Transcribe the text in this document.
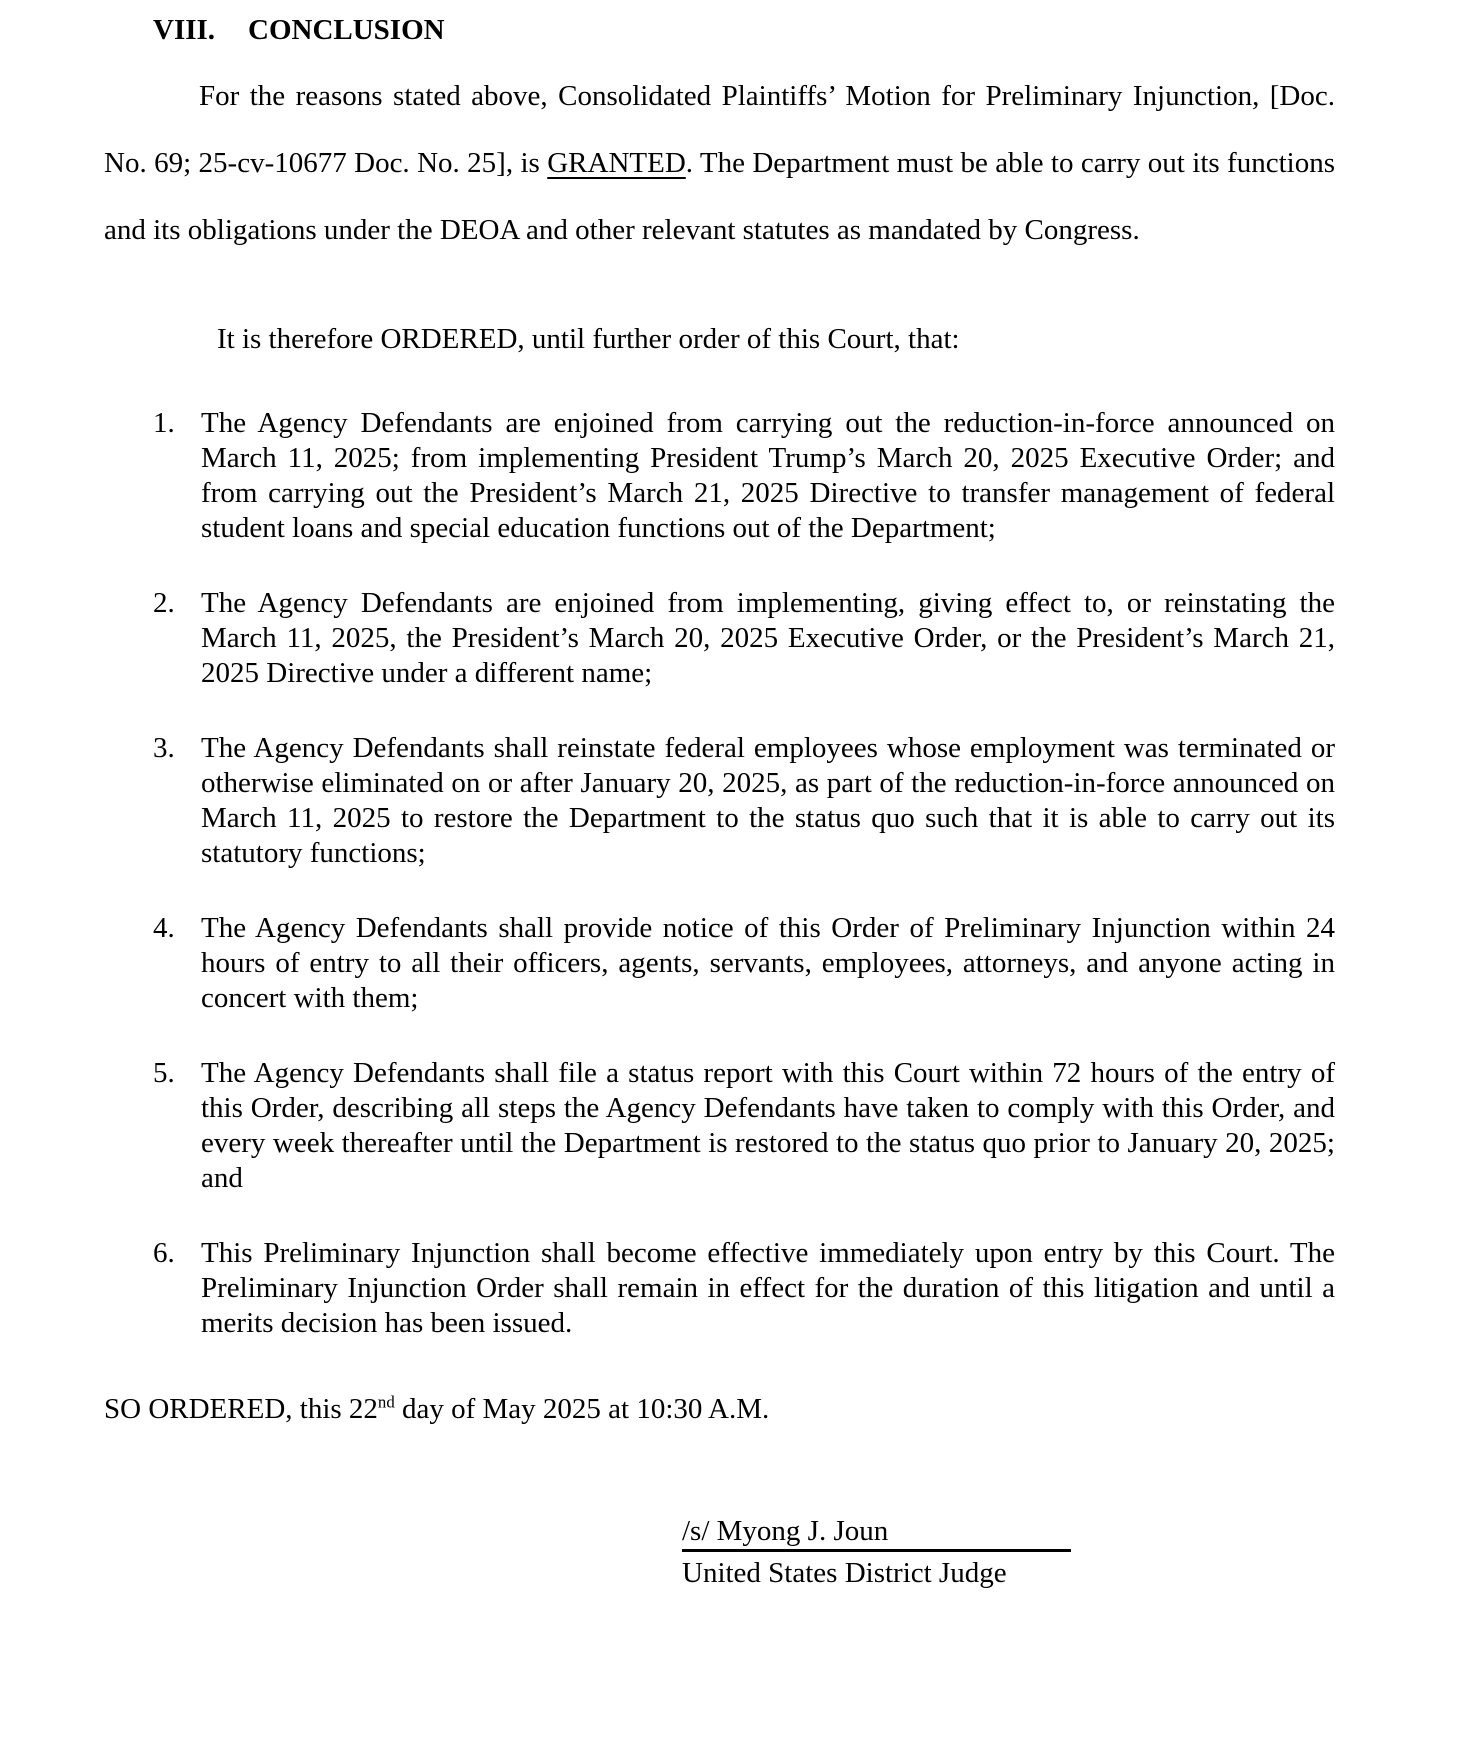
VIII. CONCLUSION
For the reasons stated above, Consolidated Plaintiffs’ Motion for Preliminary Injunction, [Doc. No. 69; 25-cv-10677 Doc. No. 25], is GRANTED. The Department must be able to carry out its functions and its obligations under the DEOA and other relevant statutes as mandated by Congress.
It is therefore ORDERED, until further order of this Court, that:
1. The Agency Defendants are enjoined from carrying out the reduction-in-force announced on March 11, 2025; from implementing President Trump’s March 20, 2025 Executive Order; and from carrying out the President’s March 21, 2025 Directive to transfer management of federal student loans and special education functions out of the Department;
2. The Agency Defendants are enjoined from implementing, giving effect to, or reinstating the March 11, 2025, the President’s March 20, 2025 Executive Order, or the President’s March 21, 2025 Directive under a different name;
3. The Agency Defendants shall reinstate federal employees whose employment was terminated or otherwise eliminated on or after January 20, 2025, as part of the reduction-in-force announced on March 11, 2025 to restore the Department to the status quo such that it is able to carry out its statutory functions;
4. The Agency Defendants shall provide notice of this Order of Preliminary Injunction within 24 hours of entry to all their officers, agents, servants, employees, attorneys, and anyone acting in concert with them;
5. The Agency Defendants shall file a status report with this Court within 72 hours of the entry of this Order, describing all steps the Agency Defendants have taken to comply with this Order, and every week thereafter until the Department is restored to the status quo prior to January 20, 2025; and
6. This Preliminary Injunction shall become effective immediately upon entry by this Court. The Preliminary Injunction Order shall remain in effect for the duration of this litigation and until a merits decision has been issued.
SO ORDERED, this 22nd day of May 2025 at 10:30 A.M.
/s/ Myong J. Joun
United States District Judge
